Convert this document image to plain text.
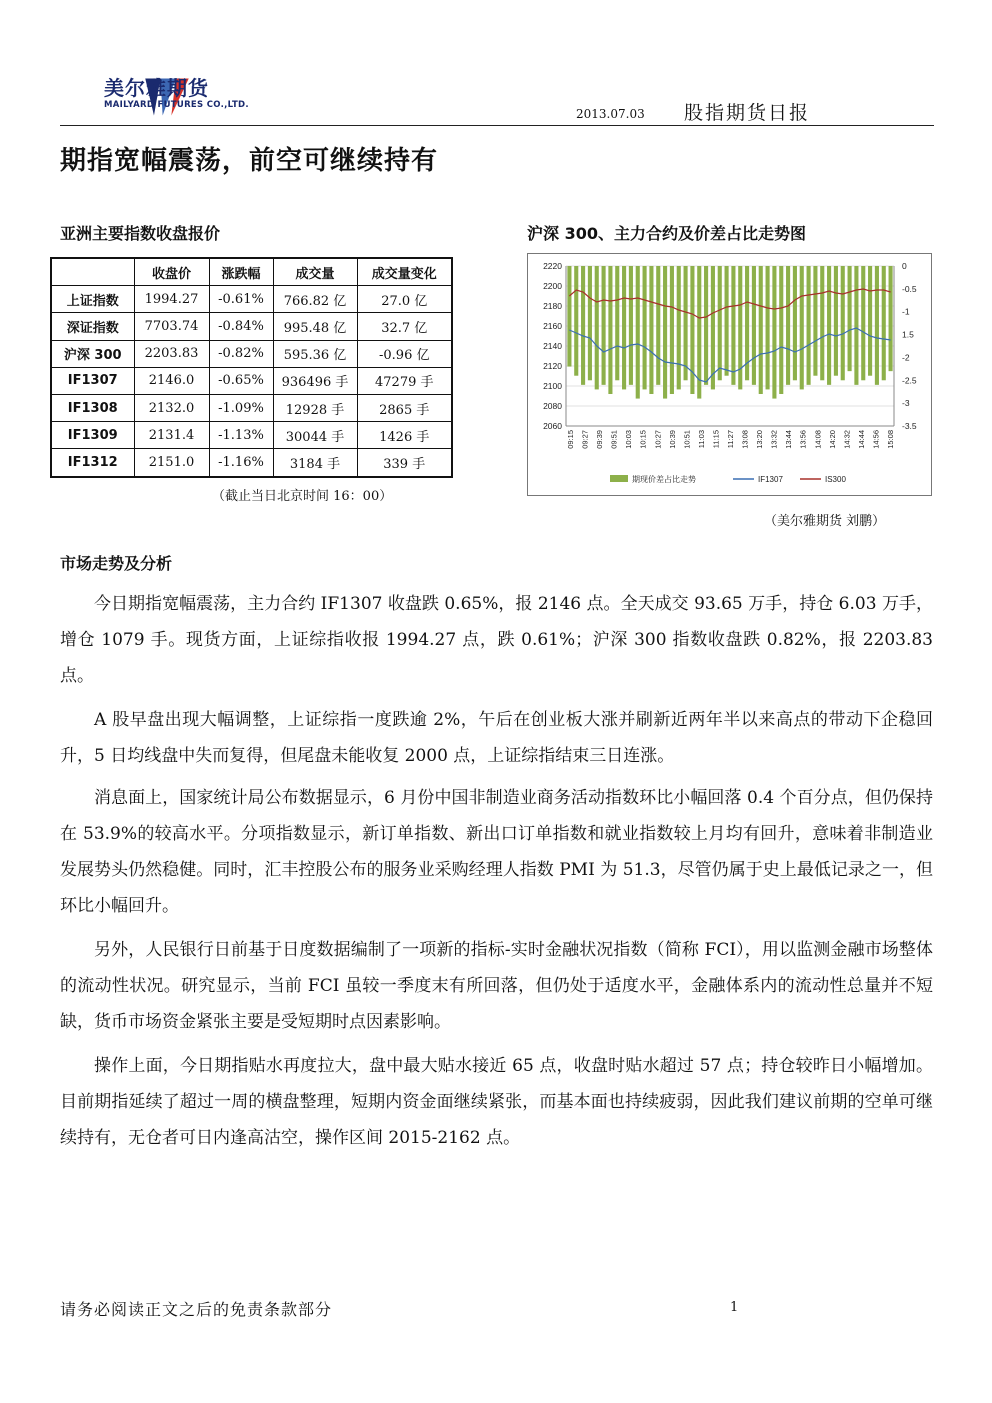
美尔雅期货
MAILYARD FUTURES CO.,LTD.
2013.07.03 股指期货日报
期指宽幅震荡，前空可继续持有
亚洲主要指数收盘报价
	收盘价	涨跌幅	成交量	成交量变化
上证指数	1994.27	-0.61%	766.82 亿	27.0 亿
深证指数	7703.74	-0.84%	995.48 亿	32.7 亿
沪深 300	2203.83	-0.82%	595.36 亿	-0.96 亿
IF1307	2146.0	-0.65%	936496 手	47279 手
IF1308	2132.0	-1.09%	12928 手	2865 手
IF1309	2131.4	-1.13%	30044 手	1426 手
IF1312	2151.0	-1.16%	3184 手	339 手
（截止当日北京时间 16：00）
沪深 300、主力合约及价差占比走势图
2220
2200
2180
2160
2140
2120
2100
2080
2060
0
-0.5
-1
1.5
-2
-2.5
-3
-3.5
09:15 09:27 09:39 09:51 10:03 10:15 10:27 10:39 10:51 11:03 11:15 11:27 13:08 13:20 13:32 13:44 13:56 14:08 14:20 14:32 14:44 14:56 15:08
期现价差占比走势	IF1307	IS300
（美尔雅期货 刘鹏）
市场走势及分析

今日期指宽幅震荡，主力合约 IF1307 收盘跌 0.65%，报 2146 点。全天成交 93.65 万手，持仓 6.03 万手，增仓 1079 手。现货方面，上证综指收报 1994.27 点，跌 0.61%；沪深 300 指数收盘跌 0.82%，报 2203.83 点。

A 股早盘出现大幅调整，上证综指一度跌逾 2%，午后在创业板大涨并刷新近两年半以来高点的带动下企稳回升，5 日均线盘中失而复得，但尾盘未能收复 2000 点，上证综指结束三日连涨。

消息面上，国家统计局公布数据显示，6 月份中国非制造业商务活动指数环比小幅回落 0.4 个百分点，但仍保持在 53.9%的较高水平。分项指数显示，新订单指数、新出口订单指数和就业指数较上月均有回升，意味着非制造业发展势头仍然稳健。同时，汇丰控股公布的服务业采购经理人指数 PMI 为 51.3，尽管仍属于史上最低记录之一，但环比小幅回升。

另外，人民银行日前基于日度数据编制了一项新的指标-实时金融状况指数（简称 FCI），用以监测金融市场整体的流动性状况。研究显示，当前 FCI 虽较一季度末有所回落，但仍处于适度水平，金融体系内的流动性总量并不短缺，货币市场资金紧张主要是受短期时点因素影响。

操作上面，今日期指贴水再度拉大，盘中最大贴水接近 65 点，收盘时贴水超过 57 点；持仓较昨日小幅增加。目前期指延续了超过一周的横盘整理，短期内资金面继续紧张，而基本面也持续疲弱，因此我们建议前期的空单可继续持有，无仓者可日内逢高沽空，操作区间 2015-2162 点。

请务必阅读正文之后的免责条款部分	1
